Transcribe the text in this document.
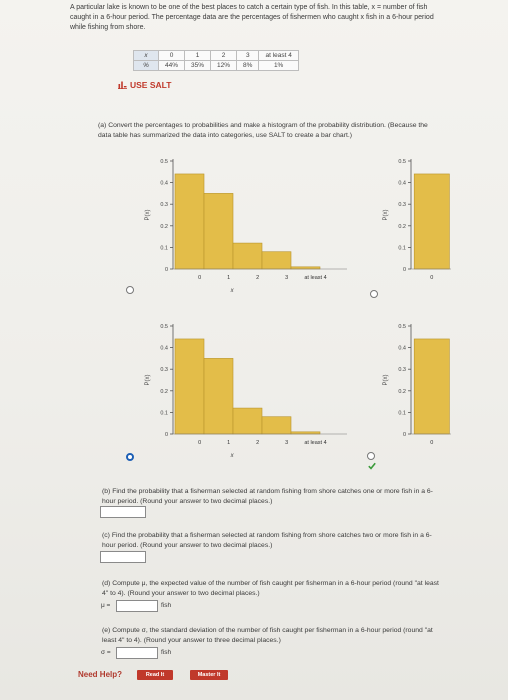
A particular lake is known to be one of the best places to catch a certain type of fish. In this table, x = number of fish caught in a 6-hour period. The percentage data are the percentages of fishermen who caught x fish in a 6-hour period while fishing from shore.
x	0	1	2	3	at least 4
%	44%	35%	12%	8%	1%
USE SALT
(a) Convert the percentages to probabilities and make a histogram of the probability distribution. (Because the data table has summarized the data into categories, use SALT to create a bar chart.)
0
0.1
0.2
0.3
0.4
0.5
P(x)
0	1	2	3	at least 4
x
0
0.1
0.2
0.3
0.4
0.5
P(x)
0
0
0.1
0.2
0.3
0.4
0.5
P(x)
0	1	2	3	at least 4
x
0
0.1
0.2
0.3
0.4
0.5
P(x)
0
(b) Find the probability that a fisherman selected at random fishing from shore catches one or more fish in a 6-hour period. (Round your answer to two decimal places.)
(c) Find the probability that a fisherman selected at random fishing from shore catches two or more fish in a 6-hour period. (Round your answer to two decimal places.)
(d) Compute μ, the expected value of the number of fish caught per fisherman in a 6-hour period (round "at least 4" to 4). (Round your answer to two decimal places.)
μ =	fish
(e) Compute σ, the standard deviation of the number of fish caught per fisherman in a 6-hour period (round "at least 4" to 4). (Round your answer to three decimal places.)
σ =	fish
Need Help?	Read It	Master It
